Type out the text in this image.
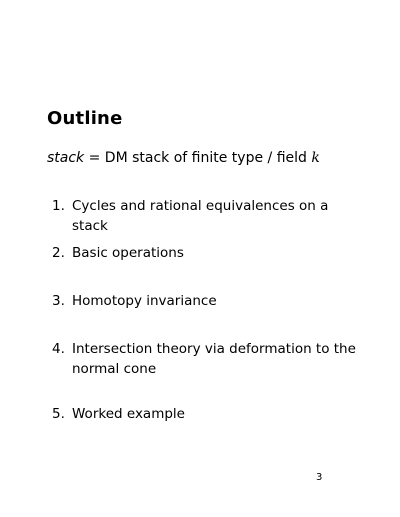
Outline
stack = DM stack of finite type / field k
1. Cycles and rational equivalences on a stack
2. Basic operations
3. Homotopy invariance
4. Intersection theory via deformation to the normal cone
5. Worked example
3
